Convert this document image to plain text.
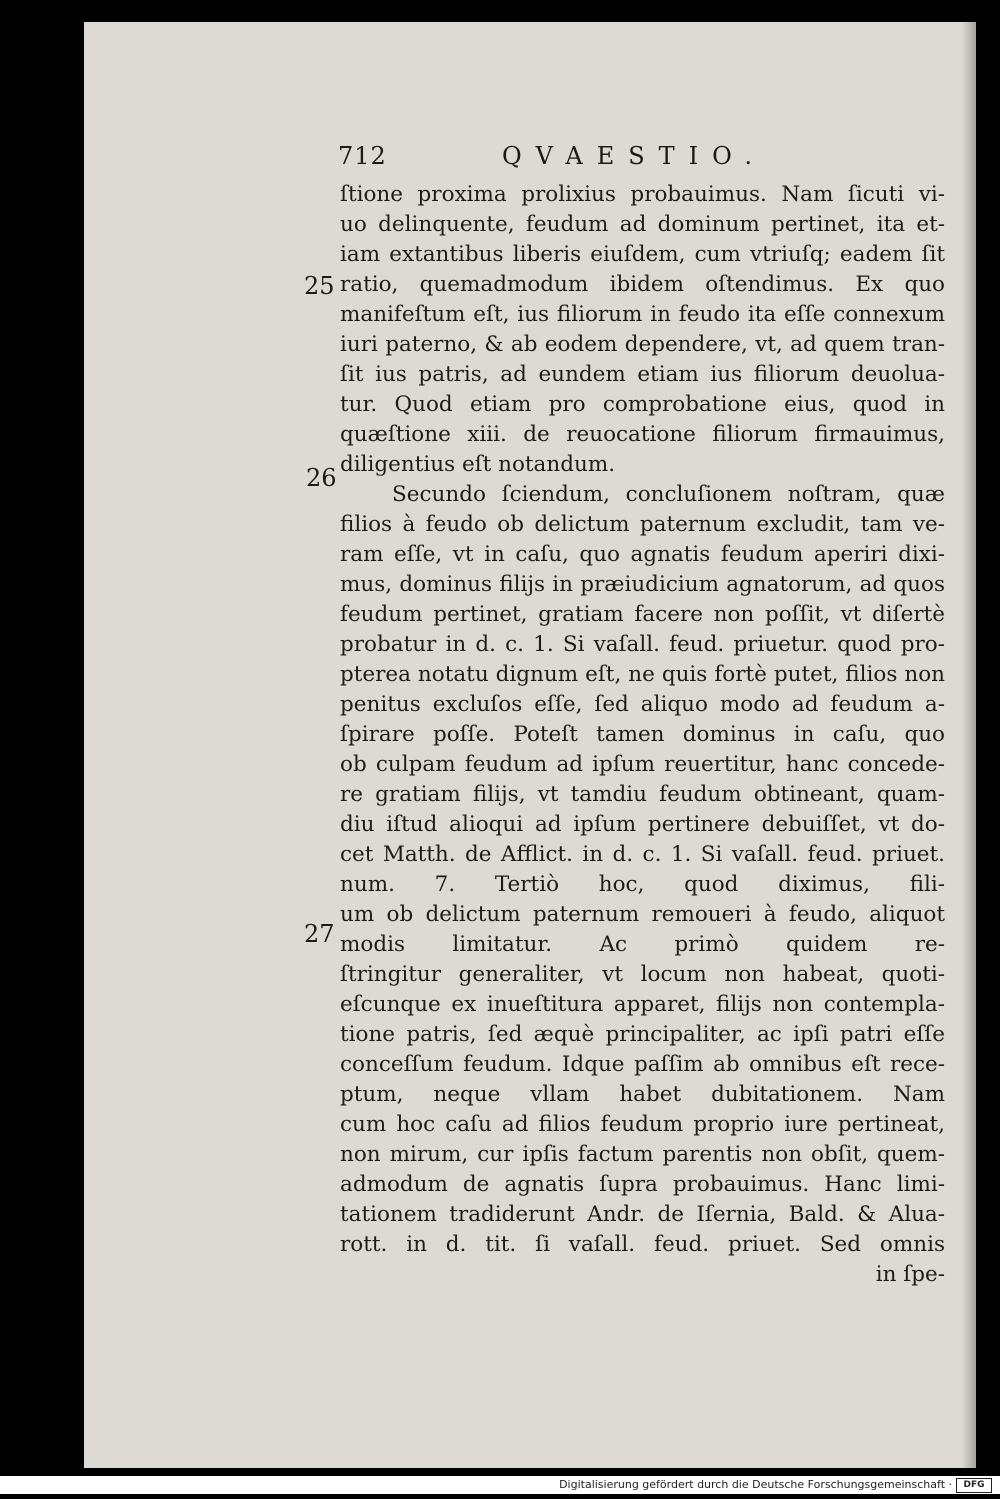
712	QVAESTIO.
25
26
27
ſtione proxima prolixius probauimus. Nam ſicuti vi-
uo delinquente, feudum ad dominum pertinet, ita et-
iam extantibus liberis eiuſdem, cum vtriuſq; eadem ſit
ratio, quemadmodum ibidem oſtendimus. Ex quo
manifeſtum eſt, ius filiorum in feudo ita eſſe connexum
iuri paterno, & ab eodem dependere, vt, ad quem tran-
ſit ius patris, ad eundem etiam ius filiorum deuolua-
tur. Quod etiam pro comprobatione eius, quod in
quæſtione xiii. de reuocatione filiorum firmauimus,
diligentius eſt notandum.
Secundo ſciendum, concluſionem noſtram, quæ
filios à feudo ob delictum paternum excludit, tam ve-
ram eſſe, vt in caſu, quo agnatis feudum aperiri dixi-
mus, dominus filijs in præiudicium agnatorum, ad quos
feudum pertinet, gratiam facere non poſſit, vt diſertè
probatur in d. c. 1. Si vaſall. feud. priuetur. quod pro-
pterea notatu dignum eſt, ne quis fortè putet, filios non
penitus excluſos eſſe, ſed aliquo modo ad feudum a-
ſpirare poſſe. Poteſt tamen dominus in caſu, quo
ob culpam feudum ad ipſum reuertitur, hanc concede-
re gratiam filijs, vt tamdiu feudum obtineant, quam-
diu iſtud alioqui ad ipſum pertinere debuiſſet, vt do-
cet Matth. de Afflict. in d. c. 1. Si vaſall. feud. priuet.
num. 7. Tertiò hoc, quod diximus, fili-
um ob delictum paternum remoueri à feudo, aliquot
modis limitatur. Ac primò quidem re-
ſtringitur generaliter, vt locum non habeat, quoti-
eſcunque ex inueſtitura apparet, filijs non contempla-
tione patris, ſed æquè principaliter, ac ipſi patri eſſe
conceſſum feudum. Idque paſſim ab omnibus eſt rece-
ptum, neque vllam habet dubitationem. Nam
cum hoc caſu ad filios feudum proprio iure pertineat,
non mirum, cur ipſis factum parentis non obſit, quem-
admodum de agnatis ſupra probauimus. Hanc limi-
tationem tradiderunt Andr. de Iſernia, Bald. & Alua-
rott. in d. tit. ſi vaſall. feud. priuet. Sed omnis
in ſpe-
Digitalisierung gefördert durch die Deutsche Forschungsgemeinschaft ·	DFG
